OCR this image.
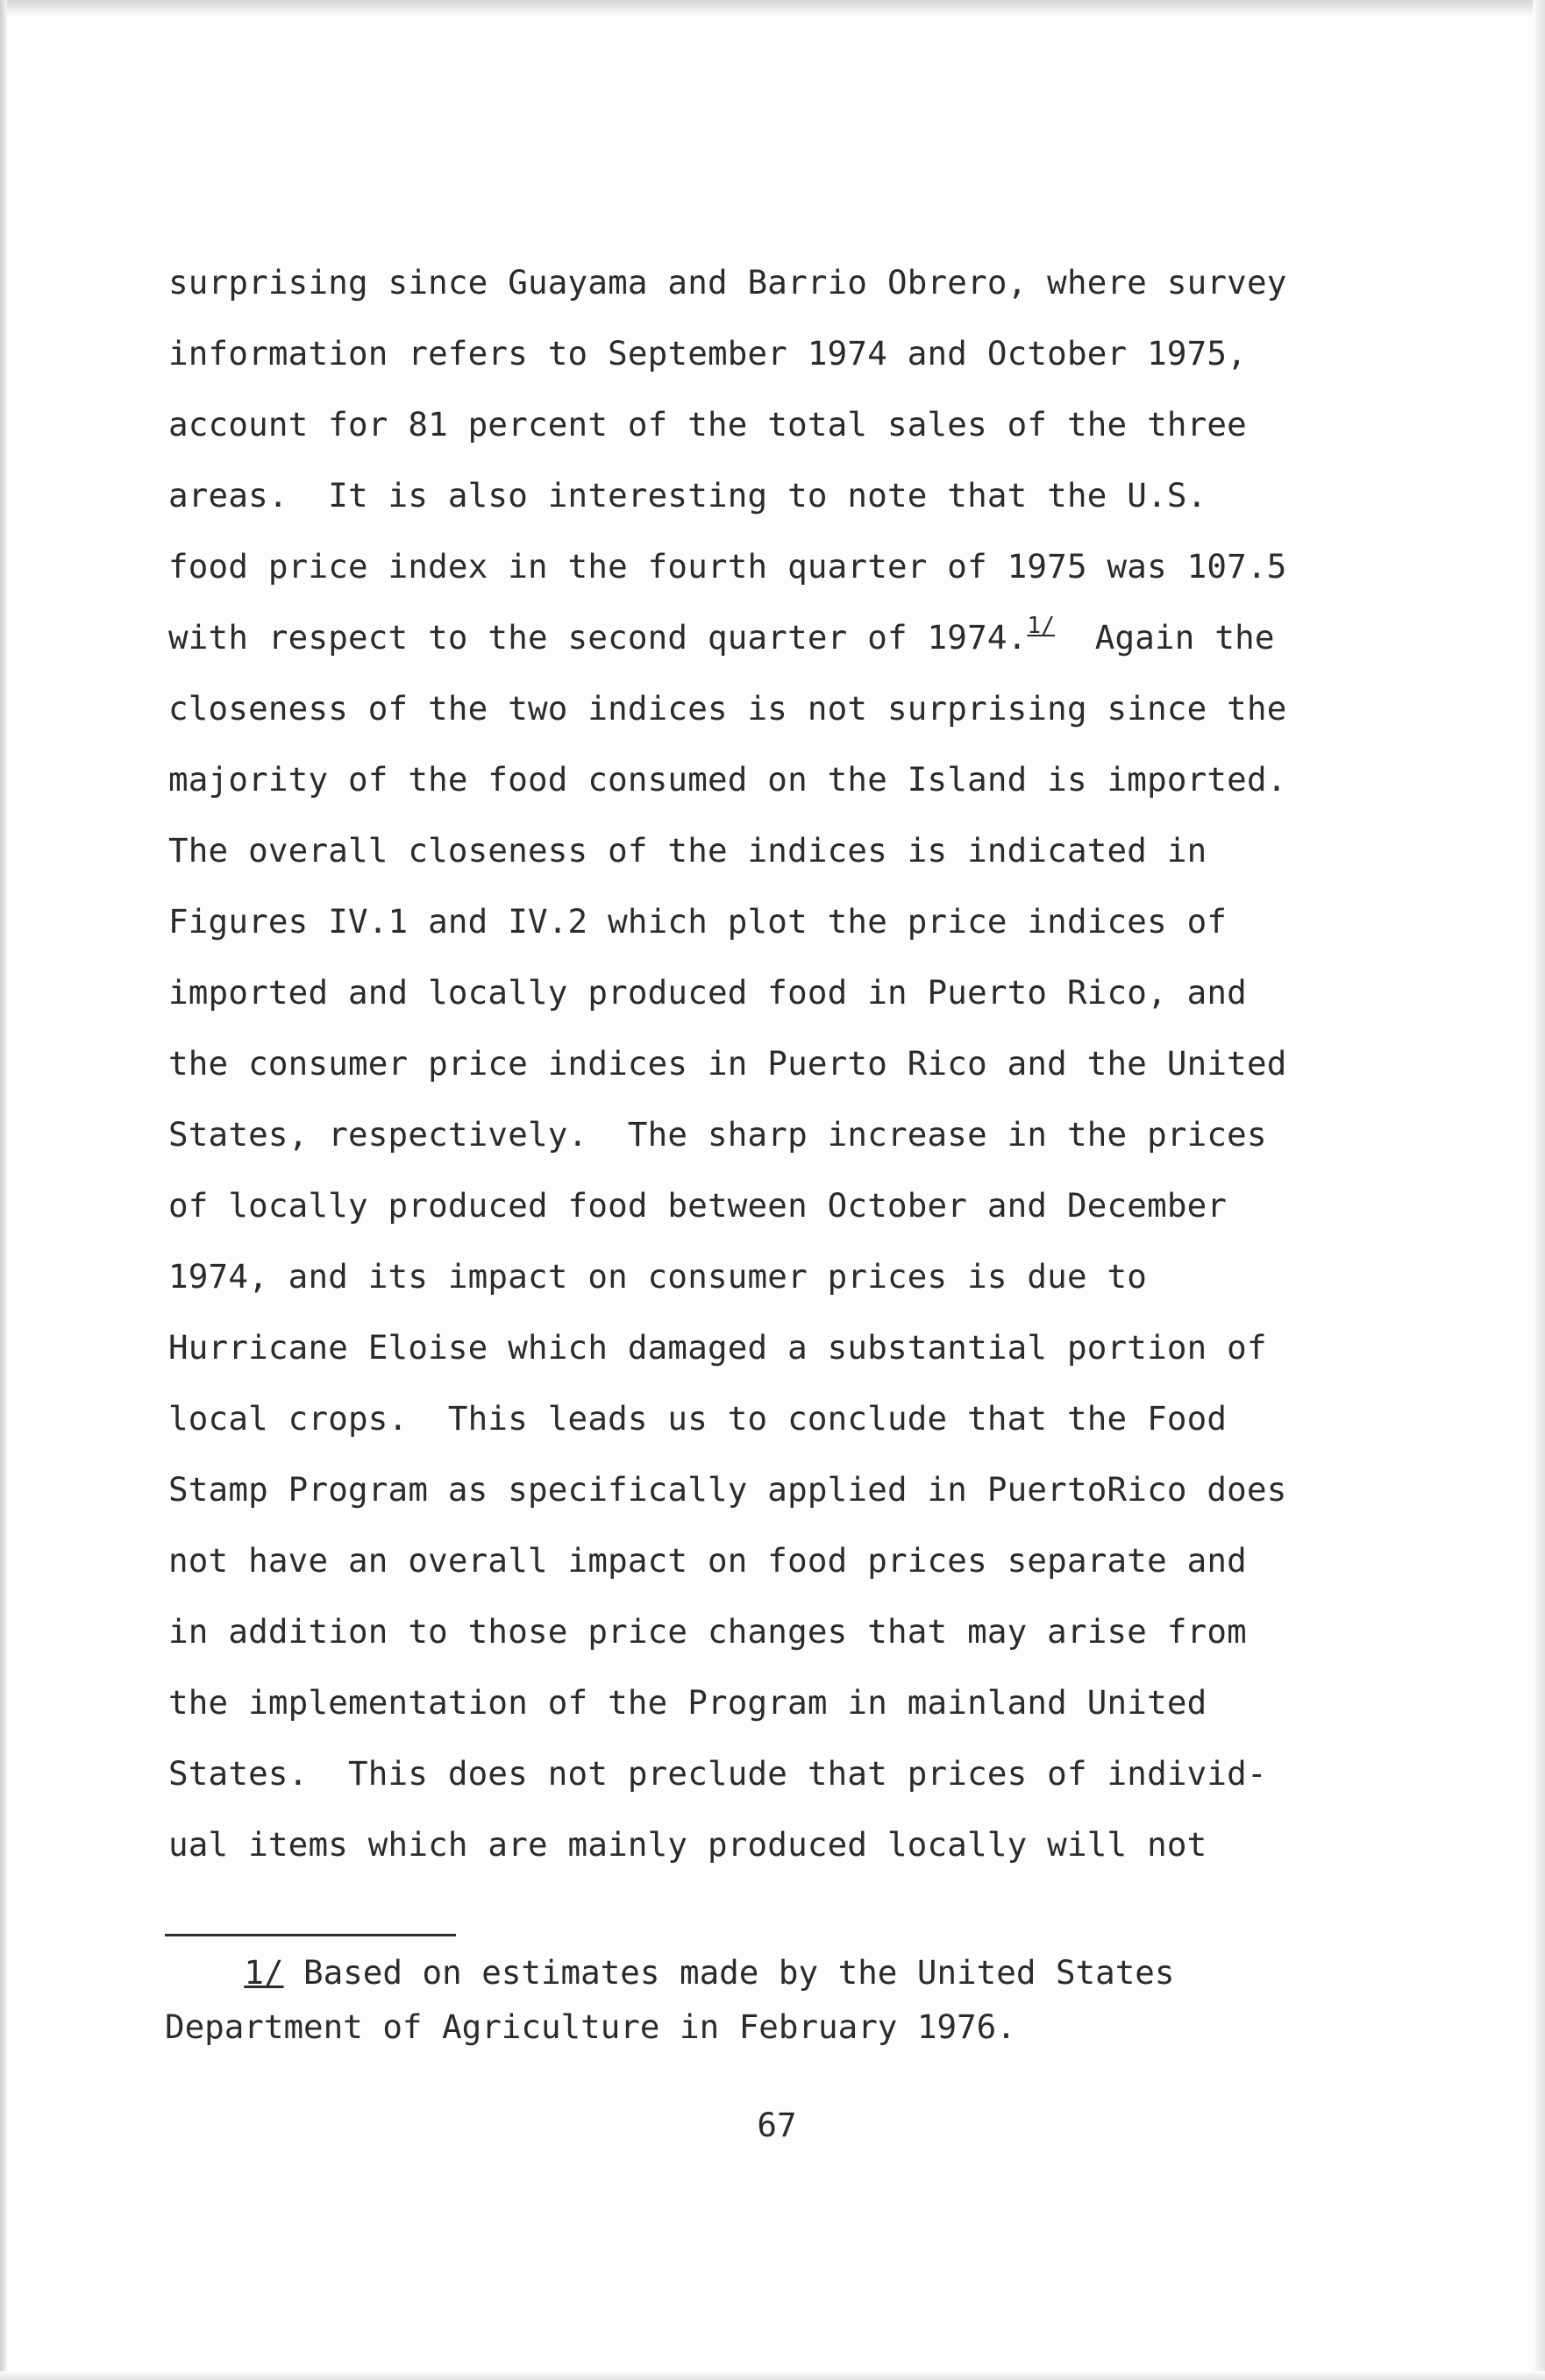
surprising since Guayama and Barrio Obrero, where survey
information refers to September 1974 and October 1975,
account for 81 percent of the total sales of the three
areas.  It is also interesting to note that the U.S.
food price index in the fourth quarter of 1975 was 107.5
with respect to the second quarter of 1974.$^{1/}$  Again the
closeness of the two indices is not surprising since the
majority of the food consumed on the Island is imported.
The overall closeness of the indices is indicated in
Figures IV.1 and IV.2 which plot the price indices of
imported and locally produced food in Puerto Rico, and
the consumer price indices in Puerto Rico and the United
States, respectively.  The sharp increase in the prices
of locally produced food between October and December
1974, and its impact on consumer prices is due to
Hurricane Eloise which damaged a substantial portion of
local crops.  This leads us to conclude that the Food
Stamp Program as specifically applied in PuertoRico does
not have an overall impact on food prices separate and
in addition to those price changes that may arise from
the implementation of the Program in mainland United
States.  This does not preclude that prices of individ-
ual items which are mainly produced locally will not
1/ Based on estimates made by the United States
Department of Agriculture in February 1976.
67
